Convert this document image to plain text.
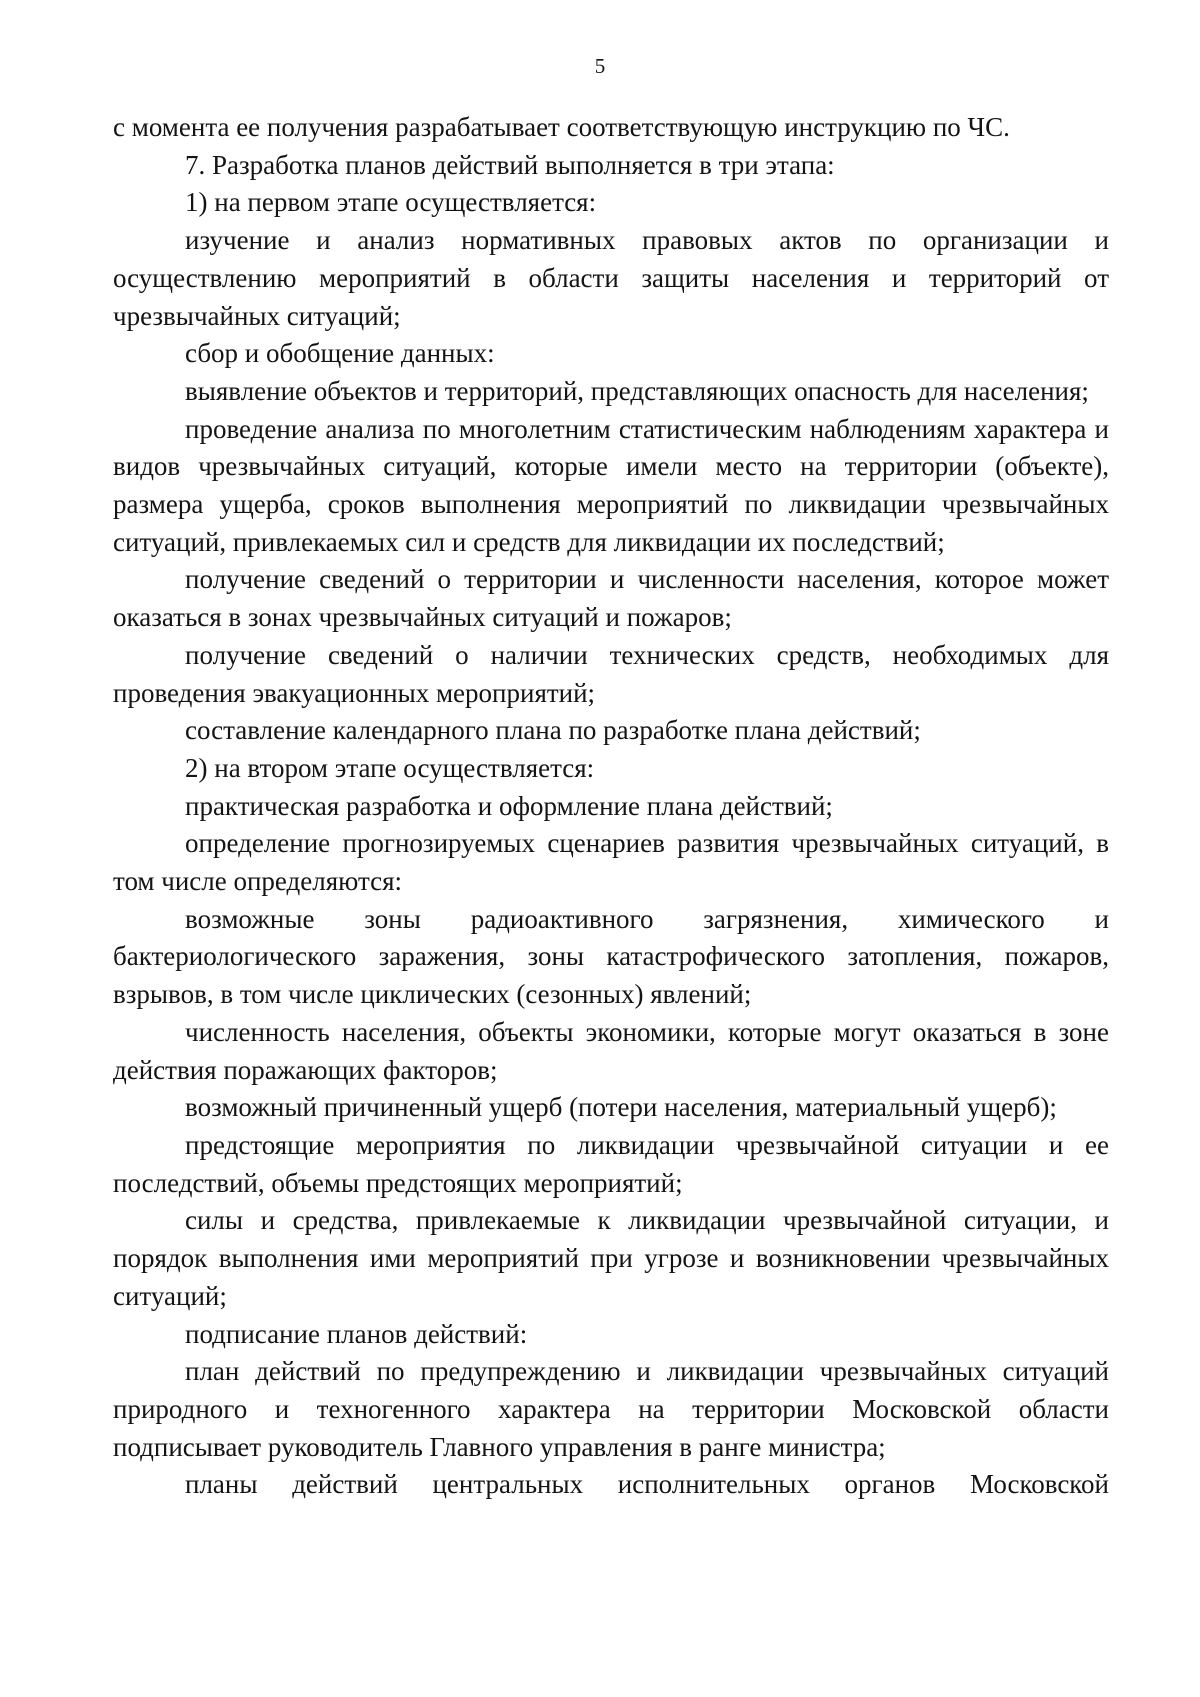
5

с момента ее получения разрабатывает соответствующую инструкцию по ЧС.

7. Разработка планов действий выполняется в три этапа:

1) на первом этапе осуществляется:

изучение и анализ нормативных правовых актов по организации и осуществлению мероприятий в области защиты населения и территорий от чрезвычайных ситуаций;

сбор и обобщение данных:

выявление объектов и территорий, представляющих опасность для населения;

проведение анализа по многолетним статистическим наблюдениям характера и видов чрезвычайных ситуаций, которые имели место на территории (объекте), размера ущерба, сроков выполнения мероприятий по ликвидации чрезвычайных ситуаций, привлекаемых сил и средств для ликвидации их последствий;

получение сведений о территории и численности населения, которое может оказаться в зонах чрезвычайных ситуаций и пожаров;

получение сведений о наличии технических средств, необходимых для проведения эвакуационных мероприятий;

составление календарного плана по разработке плана действий;

2) на втором этапе осуществляется:

практическая разработка и оформление плана действий;

определение прогнозируемых сценариев развития чрезвычайных ситуаций, в том числе определяются:

возможные зоны радиоактивного загрязнения, химического и бактериологического заражения, зоны катастрофического затопления, пожаров, взрывов, в том числе циклических (сезонных) явлений;

численность населения, объекты экономики, которые могут оказаться в зоне действия поражающих факторов;

возможный причиненный ущерб (потери населения, материальный ущерб);

предстоящие мероприятия по ликвидации чрезвычайной ситуации и ее последствий, объемы предстоящих мероприятий;

силы и средства, привлекаемые к ликвидации чрезвычайной ситуации, и порядок выполнения ими мероприятий при угрозе и возникновении чрезвычайных ситуаций;

подписание планов действий:

план действий по предупреждению и ликвидации чрезвычайных ситуаций природного и техногенного характера на территории Московской области подписывает руководитель Главного управления в ранге министра;

планы действий центральных исполнительных органов Московской
